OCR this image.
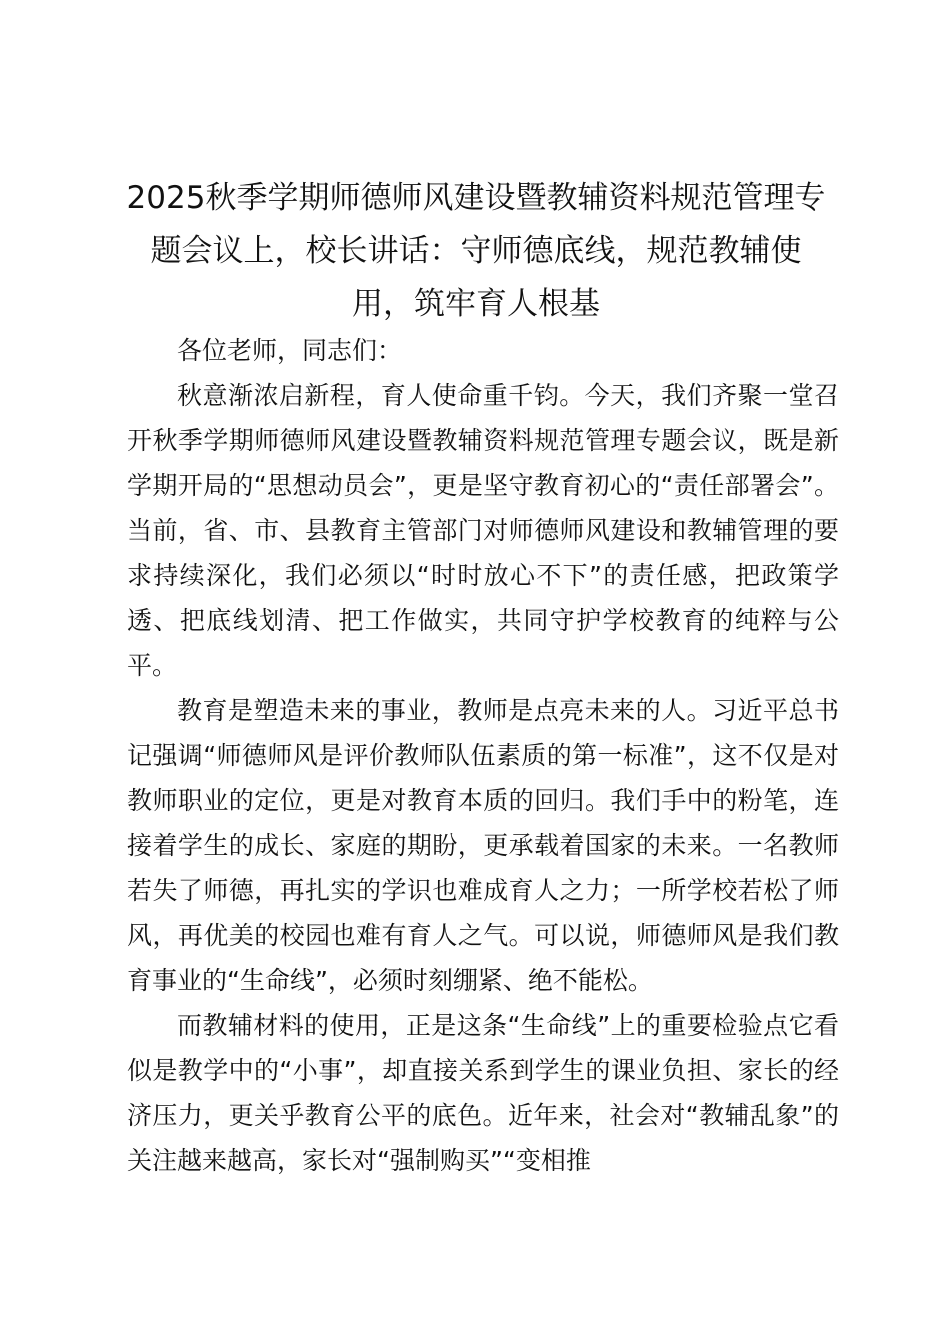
2025秋季学期师德师风建设暨教辅资料规范管理专题会议上，校长讲话：守师德底线，规范教辅使用，筑牢育人根基

各位老师，同志们：

秋意渐浓启新程，育人使命重千钧。今天，我们齐聚一堂召开秋季学期师德师风建设暨教辅资料规范管理专题会议，既是新学期开局的“思想动员会”，更是坚守教育初心的“责任部署会”。当前，省、市、县教育主管部门对师德师风建设和教辅管理的要求持续深化，我们必须以“时时放心不下”的责任感，把政策学透、把底线划清、把工作做实，共同守护学校教育的纯粹与公平。

教育是塑造未来的事业，教师是点亮未来的人。习近平总书记强调“师德师风是评价教师队伍素质的第一标准”，这不仅是对教师职业的定位，更是对教育本质的回归。我们手中的粉笔，连接着学生的成长、家庭的期盼，更承载着国家的未来。一名教师若失了师德，再扎实的学识也难成育人之力；一所学校若松了师风，再优美的校园也难有育人之气。可以说，师德师风是我们教育事业的“生命线”，必须时刻绷紧、绝不能松。

而教辅材料的使用，正是这条“生命线”上的重要检验点它看似是教学中的“小事”，却直接关系到学生的课业负担、家长的经济压力，更关乎教育公平的底色。近年来，社会对“教辅乱象”的关注越来越高，家长对“强制购买”“变相推
